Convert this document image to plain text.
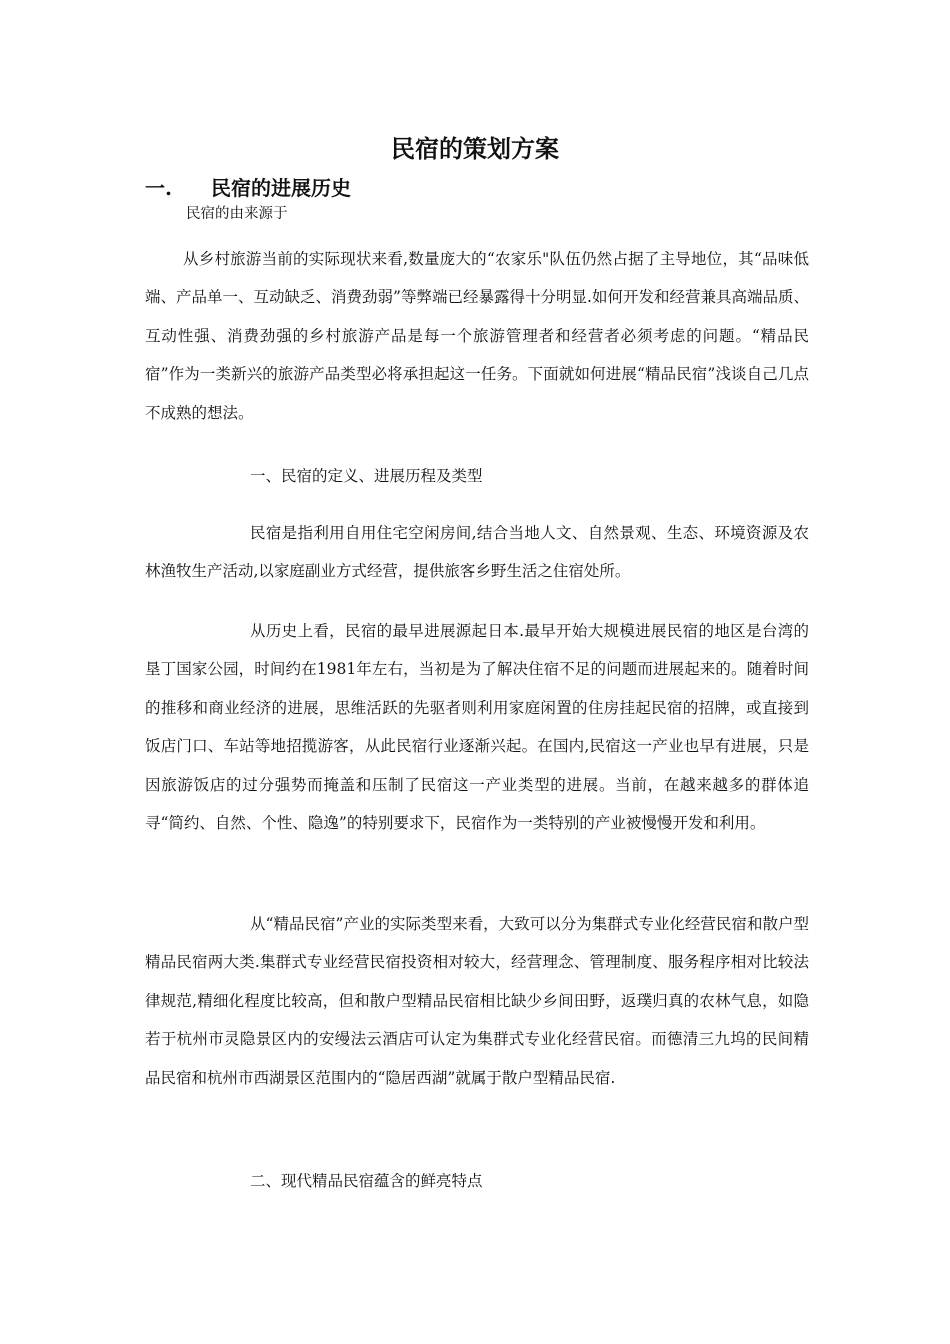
民宿的策划方案
一. 民宿的进展历史
民宿的由来源于

从乡村旅游当前的实际现状来看,数量庞大的“农家乐"队伍仍然占据了主导地位，其“品味低端、产品单一、互动缺乏、消费劲弱”等弊端已经暴露得十分明显.如何开发和经营兼具高端品质、互动性强、消费劲强的乡村旅游产品是每一个旅游管理者和经营者必须考虑的问题。“精品民宿”作为一类新兴的旅游产品类型必将承担起这一任务。下面就如何进展“精品民宿”浅谈自己几点不成熟的想法。

一、民宿的定义、进展历程及类型

民宿是指利用自用住宅空闲房间,结合当地人文、自然景观、生态、环境资源及农林渔牧生产活动,以家庭副业方式经营，提供旅客乡野生活之住宿处所。

从历史上看，民宿的最早进展源起日本.最早开始大规模进展民宿的地区是台湾的垦丁国家公园，时间约在1981年左右，当初是为了解决住宿不足的问题而进展起来的。随着时间的推移和商业经济的进展，思维活跃的先驱者则利用家庭闲置的住房挂起民宿的招牌，或直接到饭店门口、车站等地招揽游客，从此民宿行业逐渐兴起。在国内,民宿这一产业也早有进展，只是因旅游饭店的过分强势而掩盖和压制了民宿这一产业类型的进展。当前，在越来越多的群体追寻“简约、自然、个性、隐逸”的特别要求下，民宿作为一类特别的产业被慢慢开发和利用。

从“精品民宿”产业的实际类型来看，大致可以分为集群式专业化经营民宿和散户型精品民宿两大类.集群式专业经营民宿投资相对较大，经营理念、管理制度、服务程序相对比较法律规范,精细化程度比较高，但和散户型精品民宿相比缺少乡间田野，返璞归真的农林气息，如隐若于杭州市灵隐景区内的安缦法云酒店可认定为集群式专业化经营民宿。而德清三九坞的民间精品民宿和杭州市西湖景区范围内的“隐居西湖”就属于散户型精品民宿.

二、现代精品民宿蕴含的鲜亮特点
